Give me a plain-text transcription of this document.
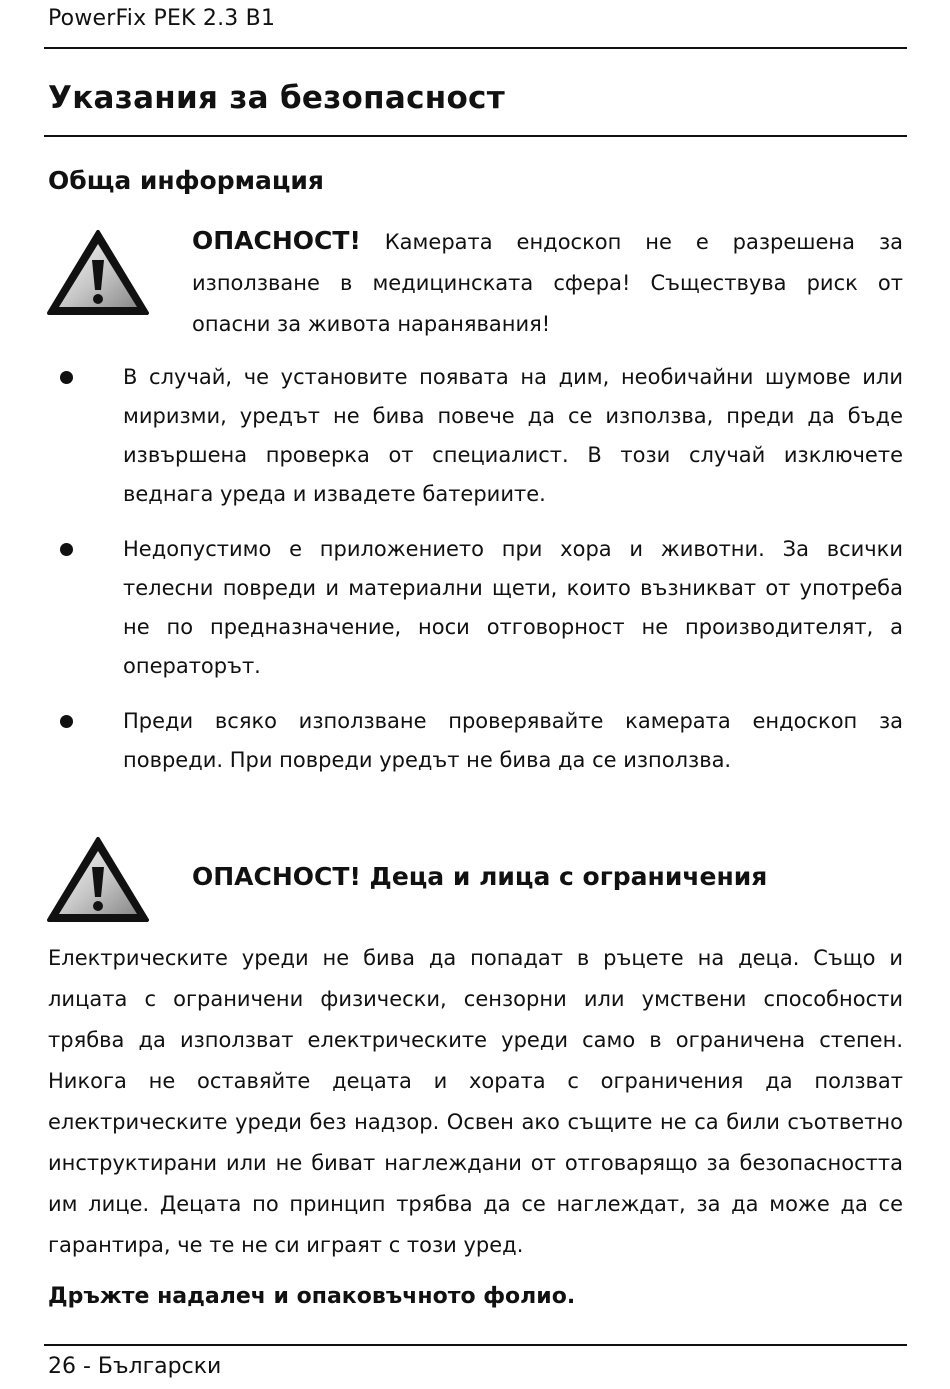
PowerFix PEK 2.3 B1
Указания за безопасност
Обща информация
ОПАСНОСТ! Камерата ендоскоп не е разрешена за използване в медицинската сфера! Съществува риск от опасни за живота наранявания!
В случай, че установите появата на дим, необичайни шумове или миризми, уредът не бива повече да се използва, преди да бъде извършена проверка от специалист. В този случай изключете веднага уреда и извадете батериите.
Недопустимо е приложението при хора и животни. За всички телесни повреди и материални щети, които възникват от употреба не по предназначение, носи отговорност не производителят, а операторът.
Преди всяко използване проверявайте камерата ендоскоп за повреди. При повреди уредът не бива да се използва.
ОПАСНОСТ! Деца и лица с ограничения
Електрическите уреди не бива да попадат в ръцете на деца. Също и лицата с ограничени физически, сензорни или умствени способности трябва да използват електрическите уреди само в ограничена степен. Никога не оставяйте децата и хората с ограничения да ползват електрическите уреди без надзор. Освен ако същите не са били съответно инструктирани или не биват наглеждани от отговарящо за безопасността им лице. Децата по принцип трябва да се наглеждат, за да може да се гарантира, че те не си играят с този уред.
Дръжте надалеч и опаковъчното фолио.
26 - Български
